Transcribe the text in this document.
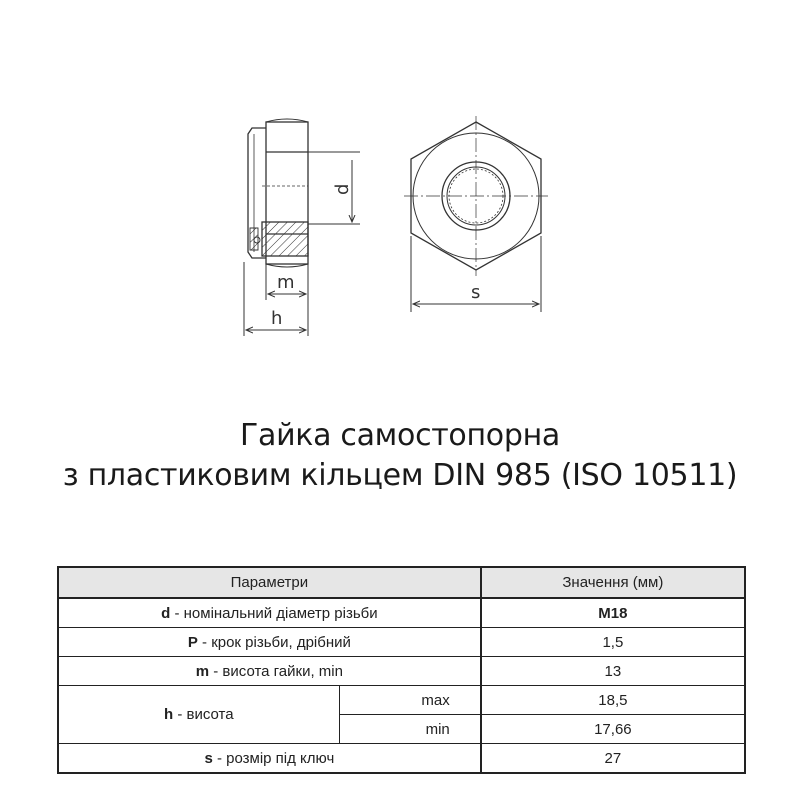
d
m
h
s
Гайка самостопорна
з пластиковим кільцем DIN 985 (ISO 10511)
Параметри		Значення (мм)
d - номінальний діаметр різьби		M18
P - крок різьби, дрібний		1,5
m - висота гайки, min		13
h - висота	max	18,5
	min	17,66
s - розмір під ключ		27
